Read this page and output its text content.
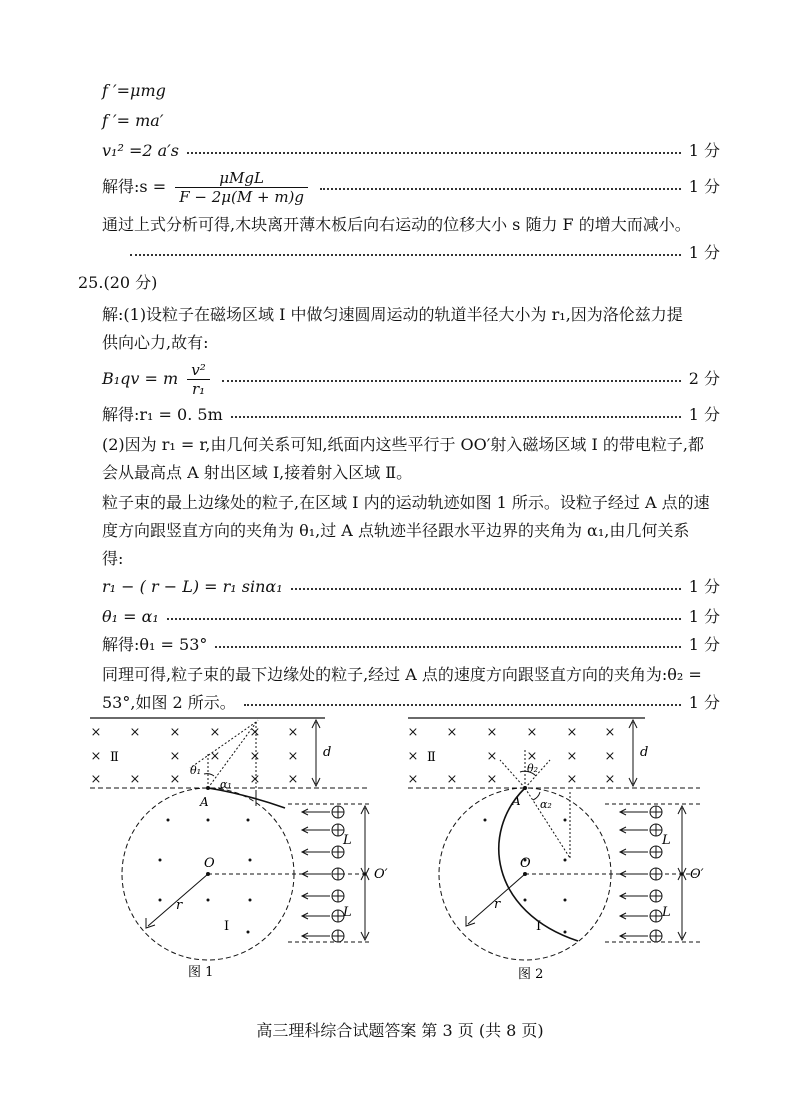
f ′=μmg
f ′= ma′
v₁² =2 a′s	1 分
解得:s = $\frac{\text{μMgL}}{F - 2\mu(M + m)g}$	1 分
通过上式分析可得,木块离开薄木板后向右运动的位移大小 s 随力 F 的增大而减小。
1 分
25.(20 分)
解:(1)设粒子在磁场区域 Ⅰ 中做匀速圆周运动的轨道半径大小为 r₁,因为洛伦兹力提
供向心力,故有:
B₁qv = m $\frac{\text{v²}}{\text{r₁}}$	2 分
解得:r₁ = 0. 5m	1 分
(2)因为 r₁ = r,由几何关系可知,纸面内这些平行于 OO′射入磁场区域 Ⅰ 的带电粒子,都
会从最高点 A 射出区域 Ⅰ,接着射入区域 Ⅱ。
粒子束的最上边缘处的粒子,在区域 Ⅰ 内的运动轨迹如图 1 所示。设粒子经过 A 点的速
度方向跟竖直方向的夹角为 θ₁,过 A 点轨迹半径跟水平边界的夹角为 α₁,由几何关系
得:
r₁ − ( r − L) = r₁ sinα₁	1 分
θ₁ = α₁	1 分
解得:θ₁ = 53°	1 分
同理可得,粒子束的最下边缘处的粒子,经过 A 点的速度方向跟竖直方向的夹角为:θ₂ =
53°,如图 2 所示。	1 分
× × × × × ×
×	× × × ×
× × ×	× ×
Ⅱ	d
O
r
I
A
θ₁
α₁
L
L
O′
图 1
× × × × × ×
×	× × × ×
× × ×	× ×
Ⅱ	d
O
r
I
A
θ₂
α₂
L
L
O′
图 2
高三理科综合试题答案 第 3 页 (共 8 页)
